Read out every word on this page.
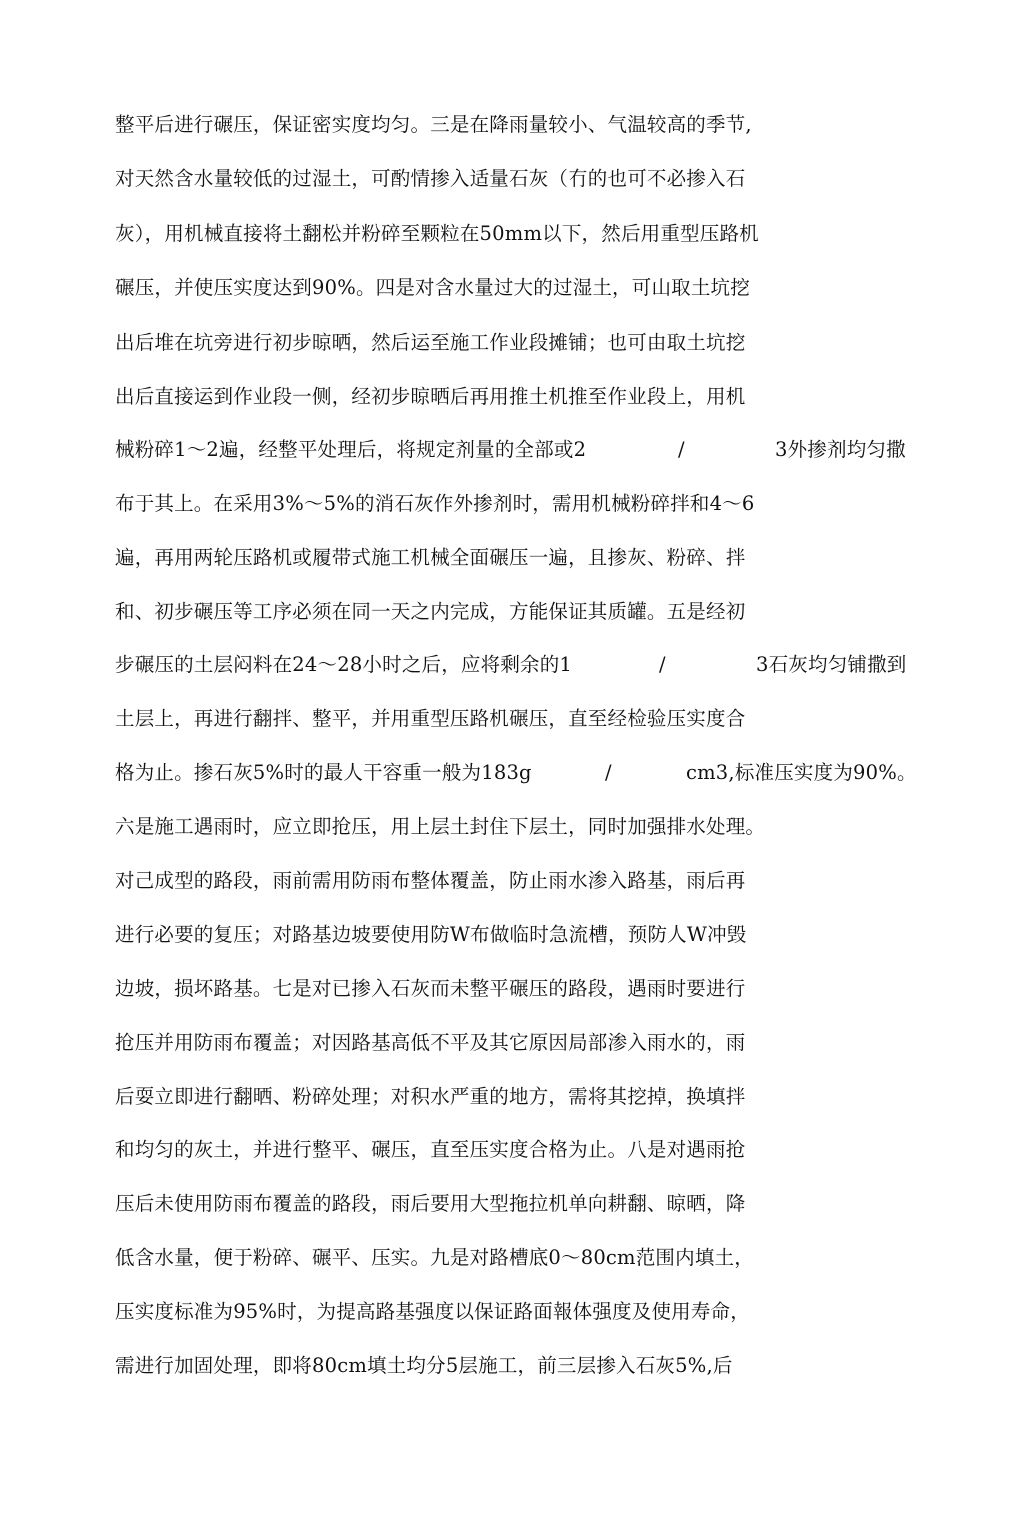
整平后进行碾压，保证密实度均匀。三是在降雨量较小、气温较高的季节,
对天然含水量较低的过湿土，可酌情掺入适量石灰（冇的也可不必掺入石
灰），用机械直接将土翻松并粉碎至颗粒在50mm以下，然后用重型压路机
碾压，并使压实度达到90%。四是对含水量过大的过湿土，可山取土坑挖
出后堆在坑旁进行初步晾晒，然后运至施工作业段摊铺；也可由取土坑挖
出后直接运到作业段一侧，经初步晾晒后再用推土机推至作业段上，用机
械粉碎1～2遍，经整平处理后，将规定剂量的全部或2	/	3外掺剂均匀撒
布于其上。在采用3%～5%的消石灰作外掺剂时，需用机械粉碎拌和4～6
遍，再用两轮压路机或履带式施工机械全面碾压一遍，且掺灰、粉碎、拌
和、初步碾压等工序必须在同一天之内完成，方能保证其质罐。五是经初
步碾压的土层闷料在24～28小时之后，应将剩余的1	/	3石灰均匀铺撒到
土层上，再进行翻拌、整平，并用重型压路机碾压，直至经检验压实度合
格为止。掺石灰5%时的最人干容重一般为183g	/	cm3,标准压实度为90%。
六是施工遇雨时，应立即抢压，用上层土封住下层土，同时加强排水处理。
对己成型的路段，雨前需用防雨布整体覆盖，防止雨水渗入路基，雨后再
进行必要的复压；对路基边坡要使用防W布做临时急流槽，预防人W冲毁
边坡，损坏路基。七是对已掺入石灰而未整平碾压的路段，遇雨时要进行
抢压并用防雨布覆盖；对因路基高低不平及其它原因局部渗入雨水的，雨
后耍立即进行翻晒、粉碎处理；对积水严重的地方，需将其挖掉，换填拌
和均匀的灰土，并进行整平、碾压，直至压实度合格为止。八是对遇雨抢
压后未使用防雨布覆盖的路段，雨后要用大型拖拉机单向耕翻、晾晒，降
低含水量，便于粉碎、碾平、压实。九是对路槽底0～80cm范围内填土，
压实度标准为95%时，为提高路基强度以保证路面報体强度及使用寿命，
需进行加固处理，即将80cm填土均分5层施工，前三层掺入石灰5%,后
